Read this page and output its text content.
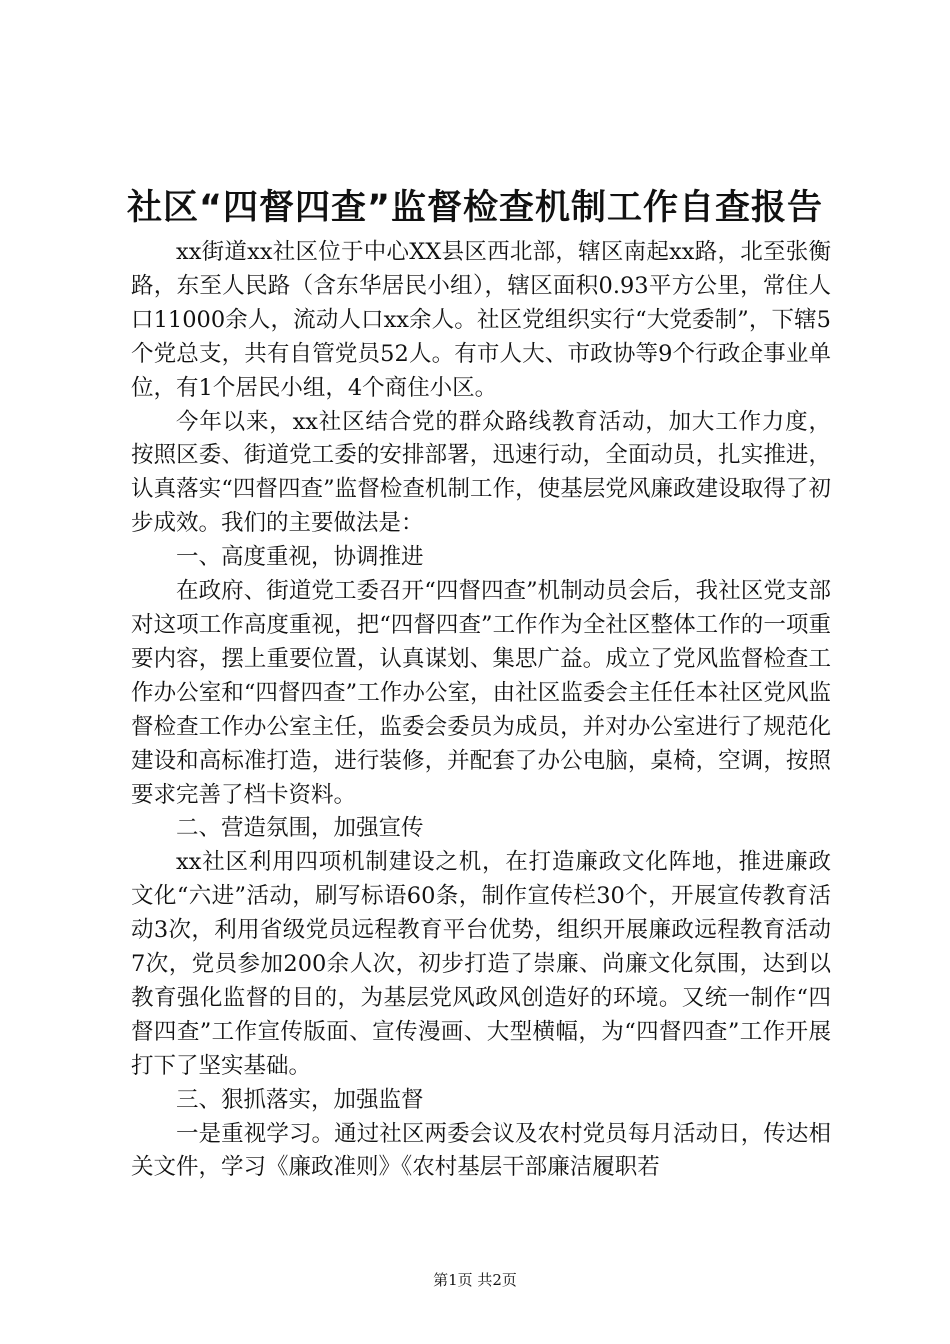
社区“四督四查”监督检查机制工作自查报告

xx街道xx社区位于中心XX县区西北部，辖区南起xx路，北至张衡路，东至人民路（含东华居民小组），辖区面积0.93平方公里，常住人口11000余人，流动人口xx余人。社区党组织实行“大党委制”，下辖5个党总支，共有自管党员52人。有市人大、市政协等9个行政企事业单位，有1个居民小组，4个商住小区。

今年以来，xx社区结合党的群众路线教育活动，加大工作力度，按照区委、街道党工委的安排部署，迅速行动，全面动员，扎实推进，认真落实“四督四查”监督检查机制工作，使基层党风廉政建设取得了初步成效。我们的主要做法是：

一、高度重视，协调推进

在政府、街道党工委召开“四督四查”机制动员会后，我社区党支部对这项工作高度重视，把“四督四查”工作作为全社区整体工作的一项重要内容，摆上重要位置，认真谋划、集思广益。成立了党风监督检查工作办公室和“四督四查”工作办公室，由社区监委会主任任本社区党风监督检查工作办公室主任，监委会委员为成员，并对办公室进行了规范化建设和高标准打造，进行装修，并配套了办公电脑，桌椅，空调，按照要求完善了档卡资料。

二、营造氛围，加强宣传

xx社区利用四项机制建设之机，在打造廉政文化阵地，推进廉政文化“六进”活动，刷写标语60条，制作宣传栏30个，开展宣传教育活动3次，利用省级党员远程教育平台优势，组织开展廉政远程教育活动7次，党员参加200余人次，初步打造了崇廉、尚廉文化氛围，达到以教育强化监督的目的，为基层党风政风创造好的环境。又统一制作“四督四查”工作宣传版面、宣传漫画、大型横幅，为“四督四查”工作开展打下了坚实基础。

三、狠抓落实，加强监督

一是重视学习。通过社区两委会议及农村党员每月活动日，传达相关文件，学习《廉政准则》《农村基层干部廉洁履职若

第1页 共2页
